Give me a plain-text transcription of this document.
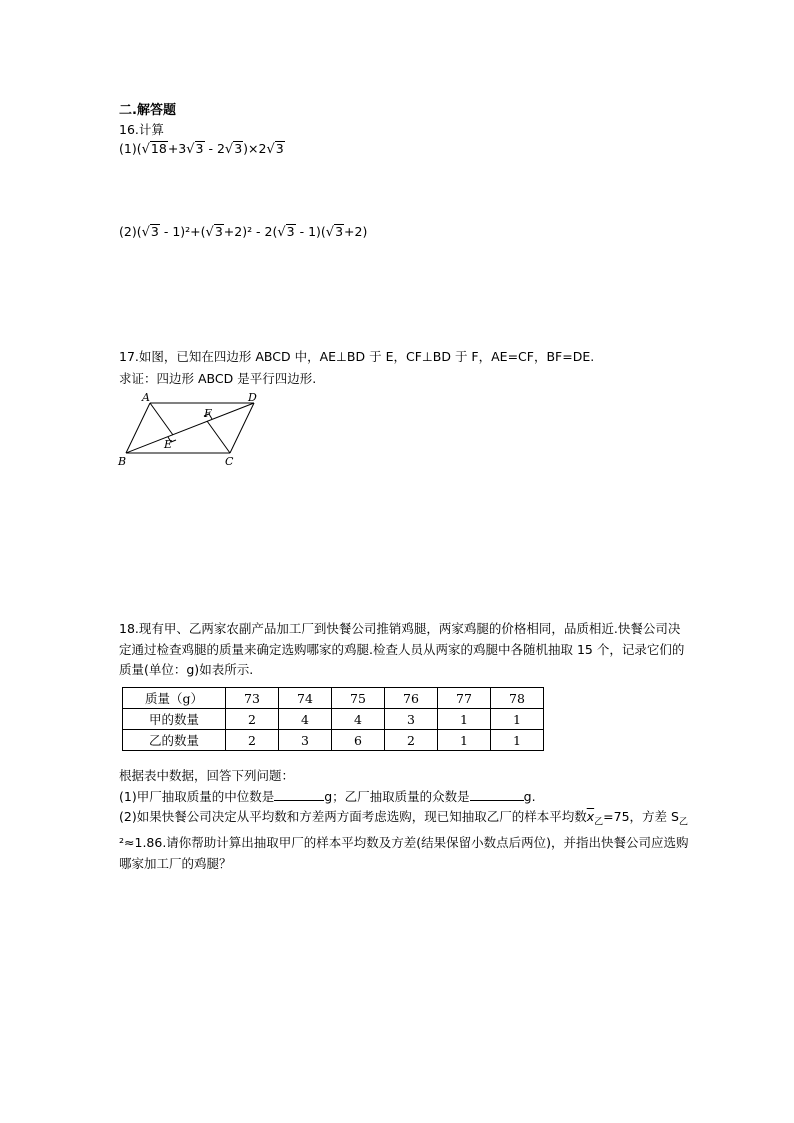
二.解答题
16.计算
(1)(√18+3√3 - 2√3)×2√3
(2)(√3 - 1)²+(√3+2)² - 2(√3 - 1)(√3+2)
17.如图，已知在四边形 ABCD 中，AE⊥BD 于 E，CF⊥BD 于 F，AE=CF，BF=DE.
求证：四边形 ABCD 是平行四边形.
A	D
B	C
E
F
18.现有甲、乙两家农副产品加工厂到快餐公司推销鸡腿，两家鸡腿的价格相同，品质相近.快餐公司决定通过检查鸡腿的质量来确定选购哪家的鸡腿.检查人员从两家的鸡腿中各随机抽取 15 个，记录它们的质量(单位：g)如表所示.
质量（g）	73	74	75	76	77	78
甲的数量	2	4	4	3	1	1
乙的数量	2	3	6	2	1	1
根据表中数据，回答下列问题：
(1)甲厂抽取质量的中位数是	g；乙厂抽取质量的众数是	g.
(2)如果快餐公司决定从平均数和方差两方面考虑选购，现已知抽取乙厂的样本平均数$\overline{x}_乙=75$，方差 $S_乙^2\approx 1.86$.请你帮助计算出抽取甲厂的样本平均数及方差(结果保留小数点后两位)，并指出快餐公司应选购哪家加工厂的鸡腿？
